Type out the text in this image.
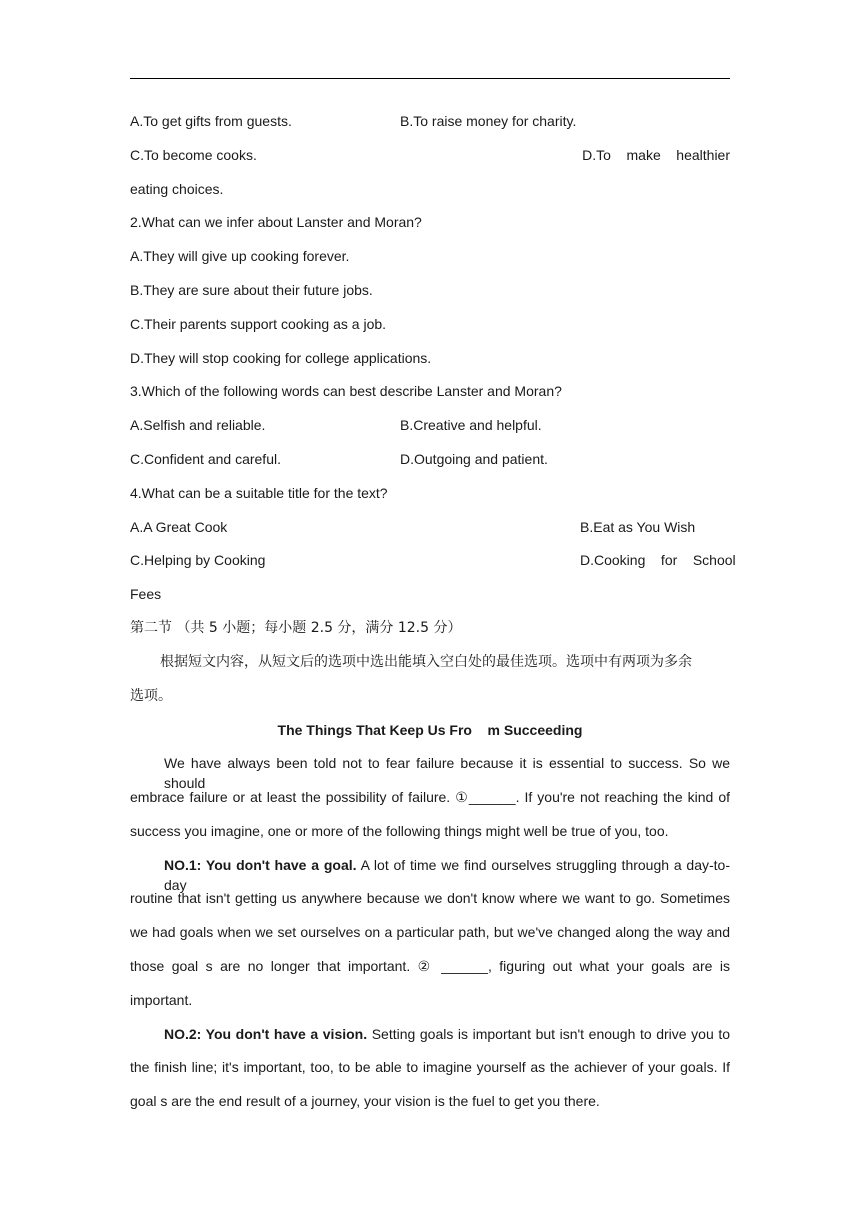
A.To get gifts from guests.	B.To raise money for charity.
C.To become cooks.	D.To    make    healthier
eating choices.
2.What can we infer about Lanster and Moran?
A.They will give up cooking forever.
B.They are sure about their future jobs.
C.Their parents support cooking as a job.
D.They will stop cooking for college applications.
3.Which of the following words can best describe Lanster and Moran?
A.Selfish and reliable.	B.Creative and helpful.
C.Confident and careful.	D.Outgoing and patient.
4.What can be a suitable title for the text?
A.A Great Cook	B.Eat as You Wish
C.Helping by Cooking	D.Cooking    for    School
Fees
第二节 （共 5 小题；每小题 2.5 分，满分 12.5 分）
根据短文内容，从短文后的选项中选出能填入空白处的最佳选项。选项中有两项为多余
选项。
The Things That Keep Us Fro    m Succeeding
We have always been told not to fear failure because it is essential to success. So we should
embrace failure or at least the possibility of failure. ①______. If you're not reaching the kind of
success you imagine, one or more of the following things might well be true of you, too.
NO.1: You don't have a goal. A lot of time we find ourselves struggling through a day-to-day
routine that isn't getting us anywhere because we don't know where we want to go. Sometimes
we had goals when we set ourselves on a particular path, but we've changed along the way and
those goal s are no longer that important. ② ______, figuring out what your goals are is
important.
NO.2: You don't have a vision. Setting goals is important but isn't enough to drive you to
the finish line; it's important, too, to be able to imagine yourself as the achiever of your goals. If
goal s are the end result of a journey, your vision is the fuel to get you there.
